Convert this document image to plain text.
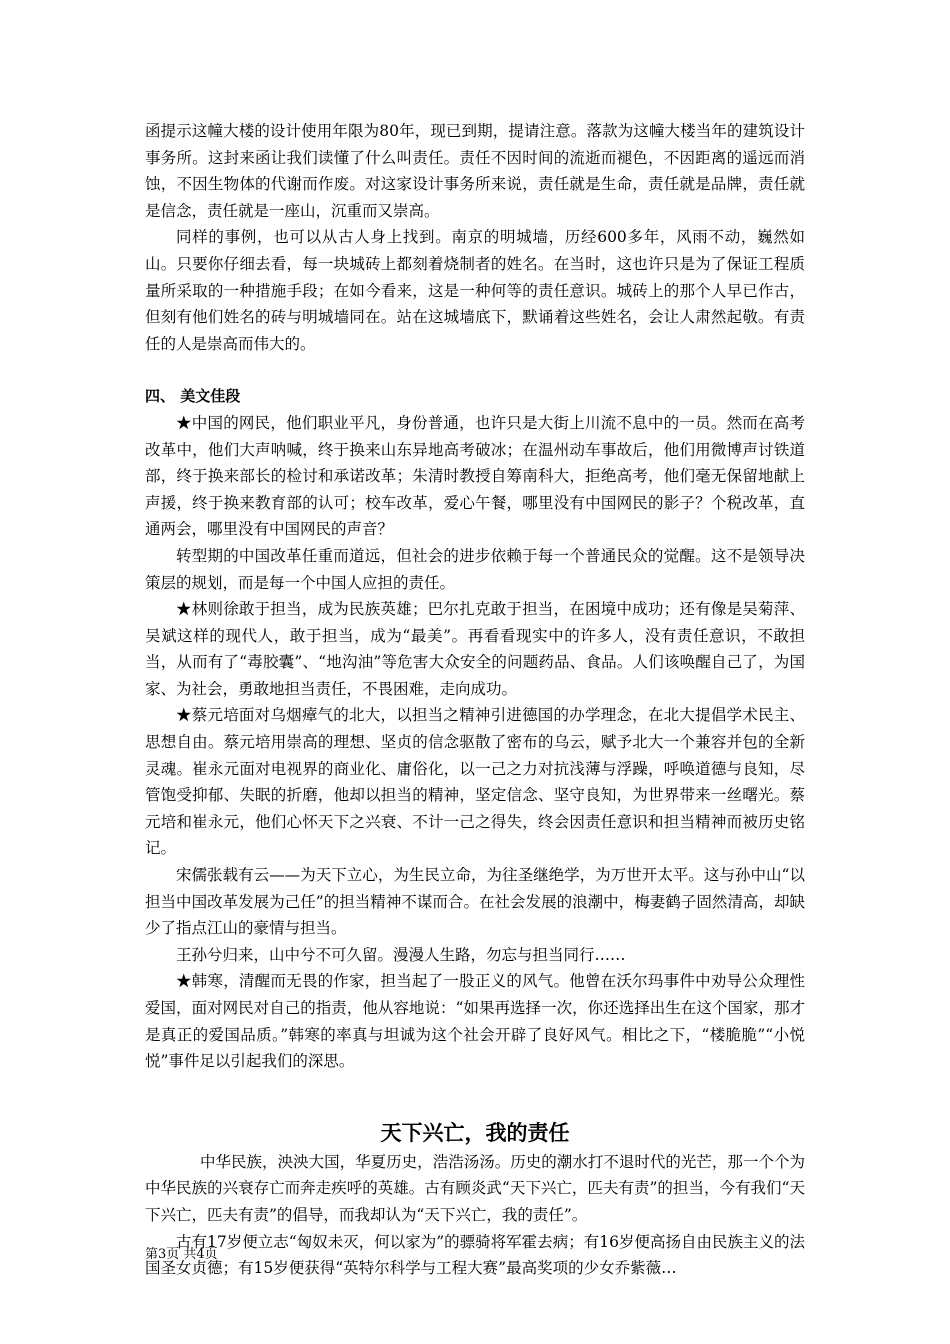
函提示这幢大楼的设计使用年限为80年，现已到期，提请注意。落款为这幢大楼当年的建筑设计事务所。这封来函让我们读懂了什么叫责任。责任不因时间的流逝而褪色，不因距离的遥远而消蚀，不因生物体的代谢而作废。对这家设计事务所来说，责任就是生命，责任就是品牌，责任就是信念，责任就是一座山，沉重而又崇高。

同样的事例，也可以从古人身上找到。南京的明城墙，历经600多年，风雨不动，巍然如山。只要你仔细去看，每一块城砖上都刻着烧制者的姓名。在当时，这也许只是为了保证工程质量所采取的一种措施手段；在如今看来，这是一种何等的责任意识。城砖上的那个人早已作古，但刻有他们姓名的砖与明城墙同在。站在这城墙底下，默诵着这些姓名，会让人肃然起敬。有责任的人是崇高而伟大的。

四、 美文佳段

★中国的网民，他们职业平凡，身份普通，也许只是大街上川流不息中的一员。然而在高考改革中，他们大声呐喊，终于换来山东异地高考破冰；在温州动车事故后，他们用微博声讨铁道部，终于换来部长的检讨和承诺改革；朱清时教授自筹南科大，拒绝高考，他们毫无保留地献上声援，终于换来教育部的认可；校车改革，爱心午餐，哪里没有中国网民的影子？个税改革，直通两会，哪里没有中国网民的声音？

转型期的中国改革任重而道远，但社会的进步依赖于每一个普通民众的觉醒。这不是领导决策层的规划，而是每一个中国人应担的责任。

★林则徐敢于担当，成为民族英雄；巴尔扎克敢于担当，在困境中成功；还有像是吴菊萍、吴斌这样的现代人，敢于担当，成为“最美”。再看看现实中的许多人，没有责任意识，不敢担当，从而有了“毒胶囊”、“地沟油”等危害大众安全的问题药品、食品。人们该唤醒自己了，为国家、为社会，勇敢地担当责任，不畏困难，走向成功。

★蔡元培面对乌烟瘴气的北大，以担当之精神引进德国的办学理念，在北大提倡学术民主、思想自由。蔡元培用崇高的理想、坚贞的信念驱散了密布的乌云，赋予北大一个兼容并包的全新灵魂。崔永元面对电视界的商业化、庸俗化，以一己之力对抗浅薄与浮躁，呼唤道德与良知，尽管饱受抑郁、失眠的折磨，他却以担当的精神，坚定信念、坚守良知，为世界带来一丝曙光。蔡元培和崔永元，他们心怀天下之兴衰、不计一己之得失，终会因责任意识和担当精神而被历史铭记。

宋儒张载有云——为天下立心，为生民立命，为往圣继绝学，为万世开太平。这与孙中山“以担当中国改革发展为己任”的担当精神不谋而合。在社会发展的浪潮中，梅妻鹤子固然清高，却缺少了指点江山的豪情与担当。

王孙兮归来，山中兮不可久留。漫漫人生路，勿忘与担当同行……

★韩寒，清醒而无畏的作家，担当起了一股正义的风气。他曾在沃尔玛事件中劝导公众理性爱国，面对网民对自己的指责，他从容地说：“如果再选择一次，你还选择出生在这个国家，那才是真正的爱国品质。”韩寒的率真与坦诚为这个社会开辟了良好风气。相比之下，“楼脆脆”“小悦悦”事件足以引起我们的深思。

天下兴亡，我的责任

中华民族，泱泱大国，华夏历史，浩浩汤汤。历史的潮水打不退时代的光芒，那一个个为中华民族的兴衰存亡而奔走疾呼的英雄。古有顾炎武“天下兴亡，匹夫有责”的担当，今有我们“天下兴亡，匹夫有责”的倡导，而我却认为“天下兴亡，我的责任”。

古有17岁便立志“匈奴未灭，何以家为”的骠骑将军霍去病；有16岁便高扬自由民族主义的法国圣女贞德；有15岁便获得“英特尔科学与工程大赛”最高奖项的少女乔紫薇…

第3页 共4页
